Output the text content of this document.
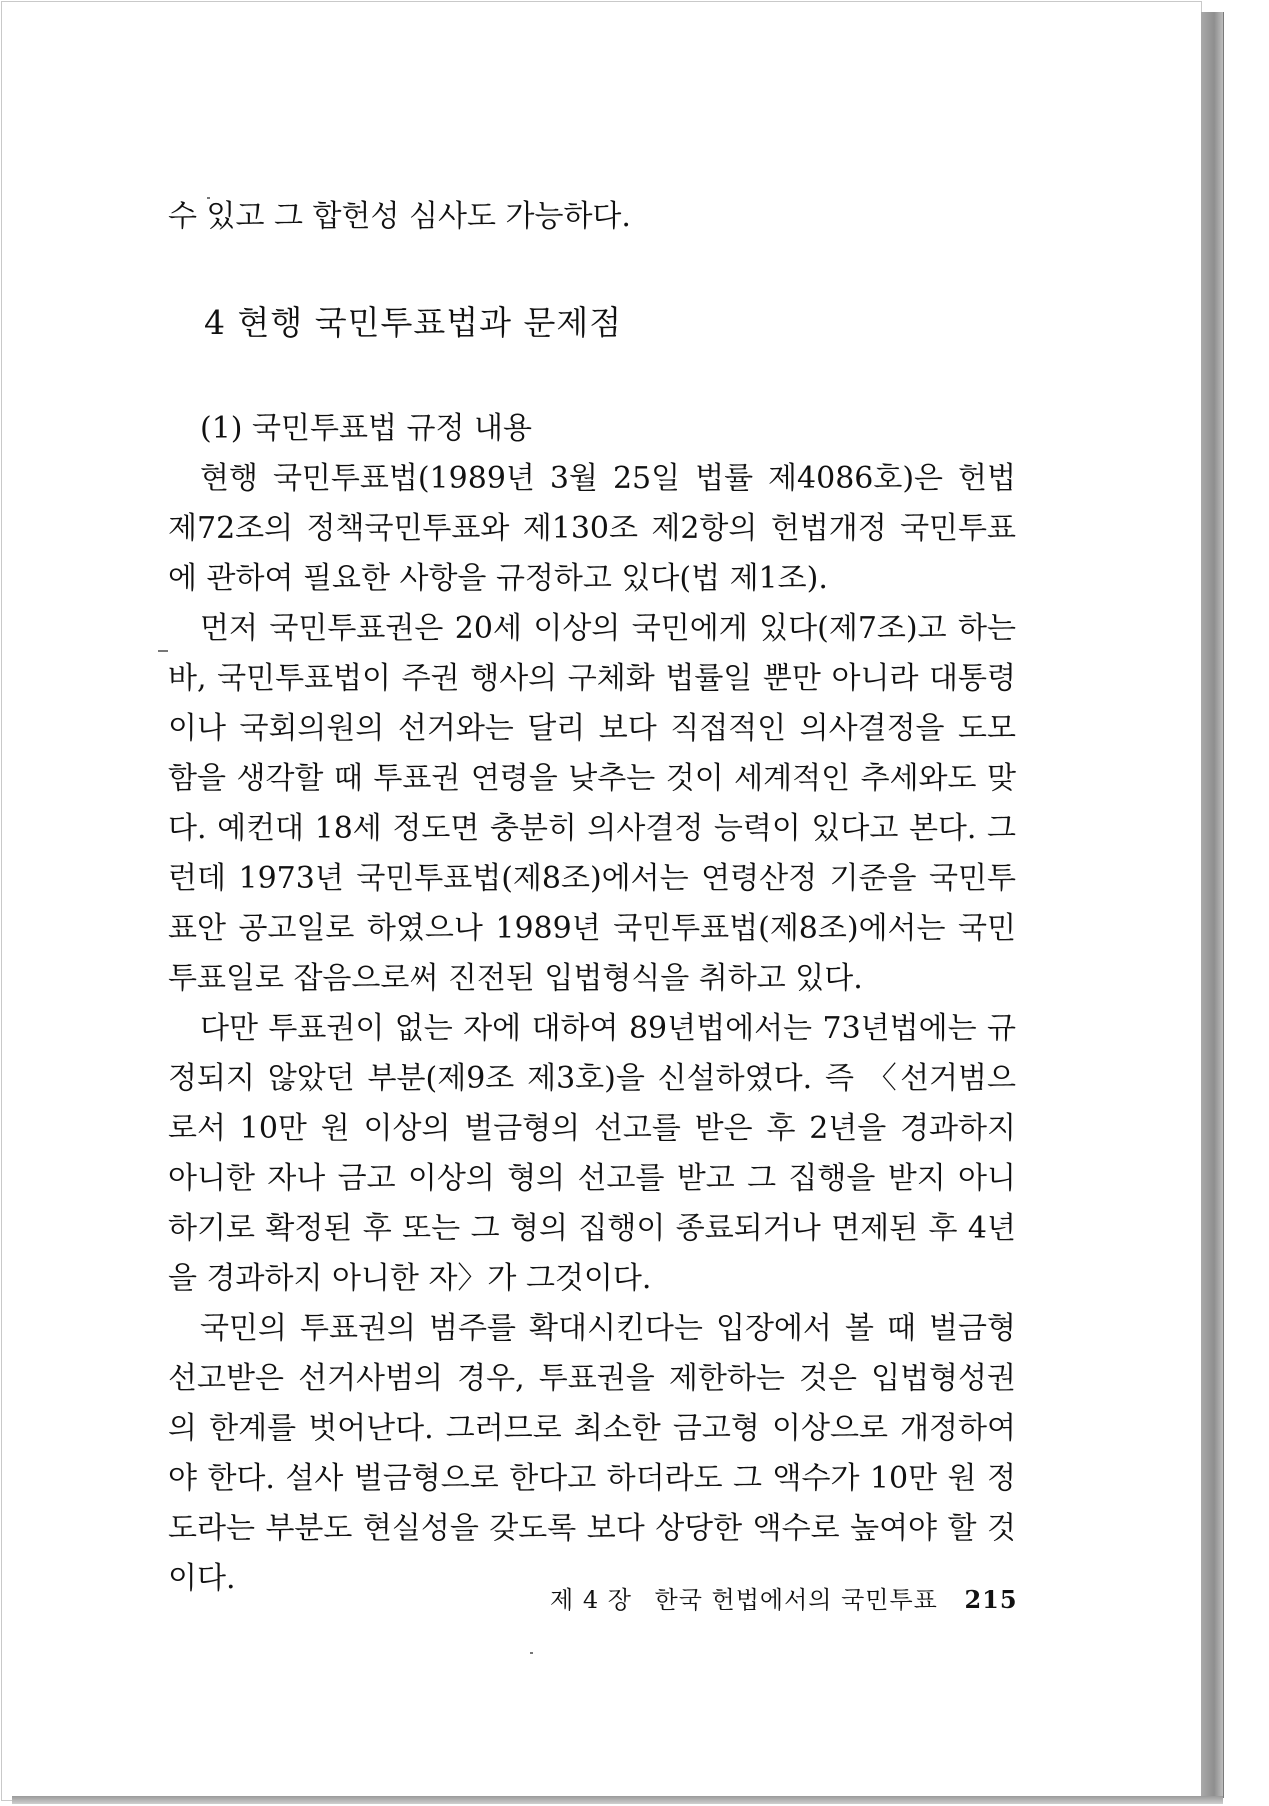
수 있고 그 합헌성 심사도 가능하다.

4 현행 국민투표법과 문제점
(1) 국민투표법 규정 내용

현행 국민투표법(1989년 3월 25일 법률 제4086호)은 헌법 제72조의 정책국민투표와 제130조 제2항의 헌법개정 국민투표에 관하여 필요한 사항을 규정하고 있다(법 제1조).

먼저 국민투표권은 20세 이상의 국민에게 있다(제7조)고 하는 바, 국민투표법이 주권 행사의 구체화 법률일 뿐만 아니라 대통령이나 국회의원의 선거와는 달리 보다 직접적인 의사결정을 도모함을 생각할 때 투표권 연령을 낮추는 것이 세계적인 추세와도 맞다. 예컨대 18세 정도면 충분히 의사결정 능력이 있다고 본다. 그런데 1973년 국민투표법(제8조)에서는 연령산정 기준을 국민투표안 공고일로 하였으나 1989년 국민투표법(제8조)에서는 국민투표일로 잡음으로써 진전된 입법형식을 취하고 있다.

다만 투표권이 없는 자에 대하여 89년법에서는 73년법에는 규정되지 않았던 부분(제9조 제3호)을 신설하였다. 즉 〈선거범으로서 10만 원 이상의 벌금형의 선고를 받은 후 2년을 경과하지 아니한 자나 금고 이상의 형의 선고를 받고 그 집행을 받지 아니하기로 확정된 후 또는 그 형의 집행이 종료되거나 면제된 후 4년을 경과하지 아니한 자〉가 그것이다.

국민의 투표권의 범주를 확대시킨다는 입장에서 볼 때 벌금형 선고받은 선거사범의 경우, 투표권을 제한하는 것은 입법형성권의 한계를 벗어난다. 그러므로 최소한 금고형 이상으로 개정하여야 한다. 설사 벌금형으로 한다고 하더라도 그 액수가 10만 원 정도라는 부분도 현실성을 갖도록 보다 상당한 액수로 높여야 할 것이다.

제 4 장 한국 헌법에서의 국민투표 215
